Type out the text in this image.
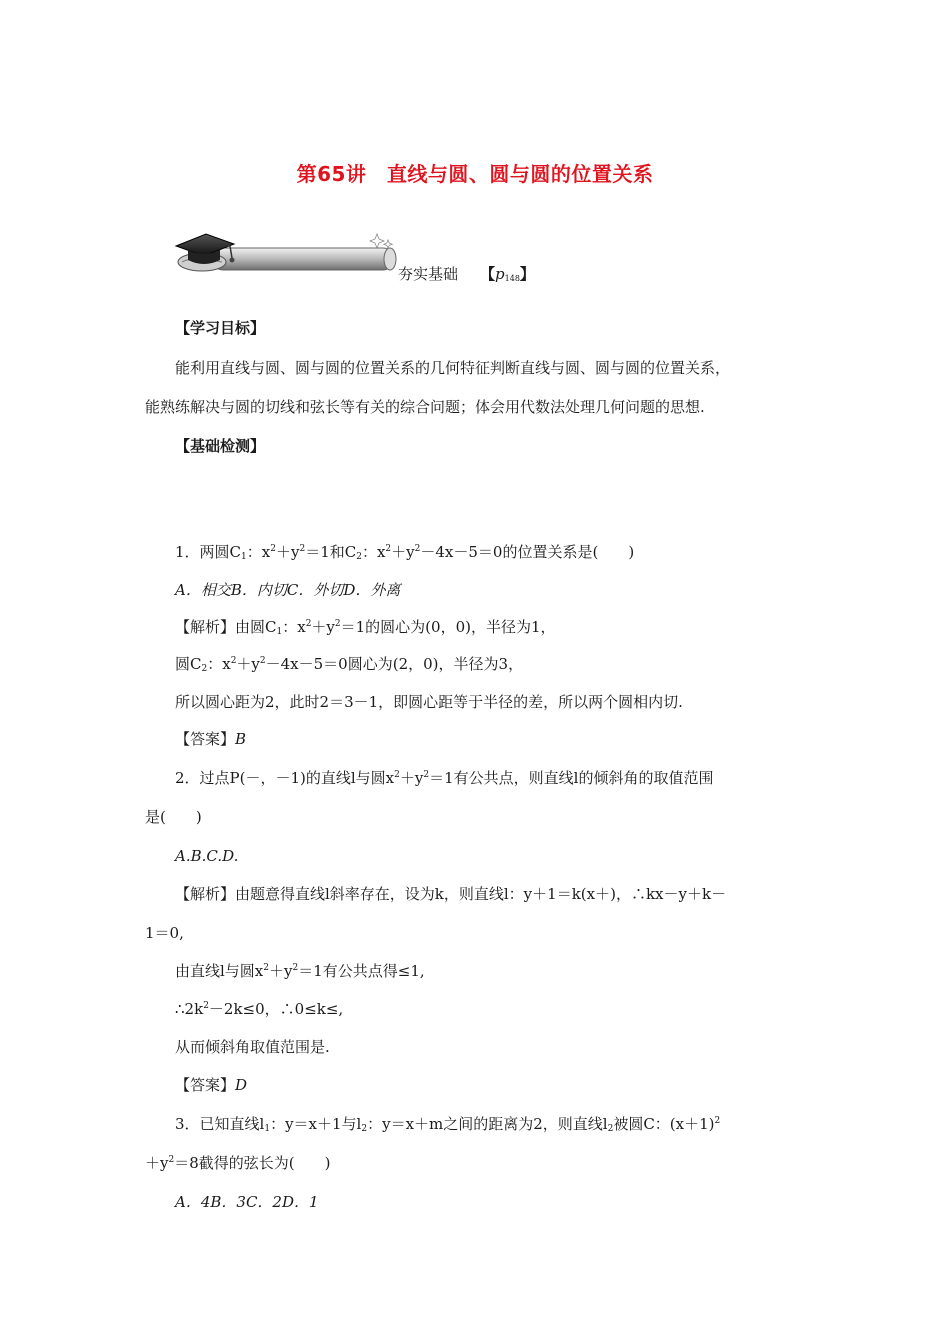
第65讲　直线与圆、圆与圆的位置关系
夯实基础 【$p_{148}$】
【学习目标】
能利用直线与圆、圆与圆的位置关系的几何特征判断直线与圆、圆与圆的位置关系，
能熟练解决与圆的切线和弦长等有关的综合问题；体会用代数法处理几何问题的思想.
【基础检测】
1．两圆$C_1$：$x^2+y^2=1$和$C_2$：$x^2+y^2-4x-5=0$的位置关系是(　　)
A．相交B．内切C．外切D．外离
【解析】由圆$C_1$：$x^2+y^2=1$的圆心为(0，0)，半径为1，
圆$C_2$：$x^2+y^2-4x-5=0$圆心为(2，0)，半径为3，
所以圆心距为2，此时2＝3－1，即圆心距等于半径的差，所以两个圆相内切.
【答案】B
2．过点P(－，－1)的直线l与圆$x^2+y^2=1$有公共点，则直线l的倾斜角的取值范围
是(　　)
A.B.C.D.
【解析】由题意得直线l斜率存在，设为k，则直线l：y＋1＝k(x＋)，∴kx－y＋k－
1＝0,
由直线l与圆$x^2+y^2=1$有公共点得≤1,
$\therefore 2k^2-2k\le 0$，∴0≤k≤,
从而倾斜角取值范围是.
【答案】D
3．已知直线$l_1$：y＝x＋1与$l_2$：y＝x＋m之间的距离为2，则直线$l_2$被圆C：$(x+1)^2$
$+y^2=8$截得的弦长为(　　)
A．4B．3C．2D．1
